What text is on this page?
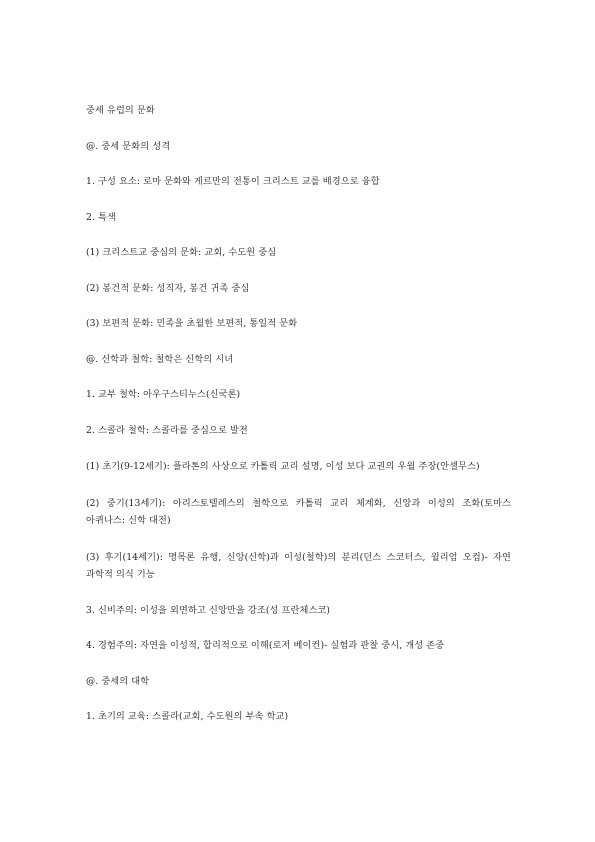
중세 유럽의 문화
@. 중세 문화의 성격
1. 구성 요소: 로마 문화와 게르만의 전통이 크리스트 교를 배경으로 융합
2. 특색
(1) 크리스트교 중심의 문화: 교회, 수도원 중심
(2) 봉건적 문화: 성직자, 봉건 귀족 중심
(3) 보편적 문화: 민족을 초월한 보편적, 통일적 문화
@. 신학과 철학: 철학은 신학의 시녀
1. 교부 철학: 아우구스티누스(신국론)
2. 스콜라 철학: 스콜라를 중심으로 발전
(1) 초기(9-12세기): 플라톤의 사상으로 카톨릭 교리 설명, 이성 보다 교권의 우월 주장(안셀무스)
(2) 중기(13세기): 아리스토텔레스의 철학으로 카톨릭 교리 체계화, 신앙과 이성의 조화(토마스 아퀴나스: 신학 대전)
(3) 후기(14세기): 명목론 유행, 신앙(신학)과 이성(철학)의 분리(던스 스코터스, 윌리엄 오컴)- 자연 과학적 의식 기능
3. 신비주의: 이성을 외면하고 신앙만을 강조(성 프란체스코)
4. 경험주의: 자연을 이성적, 합리적으로 이해(로저 베이컨)- 실험과 관찰 중시, 개성 존중
@. 중세의 대학
1. 초기의 교육: 스콜라(교회, 수도원의 부속 학교)
